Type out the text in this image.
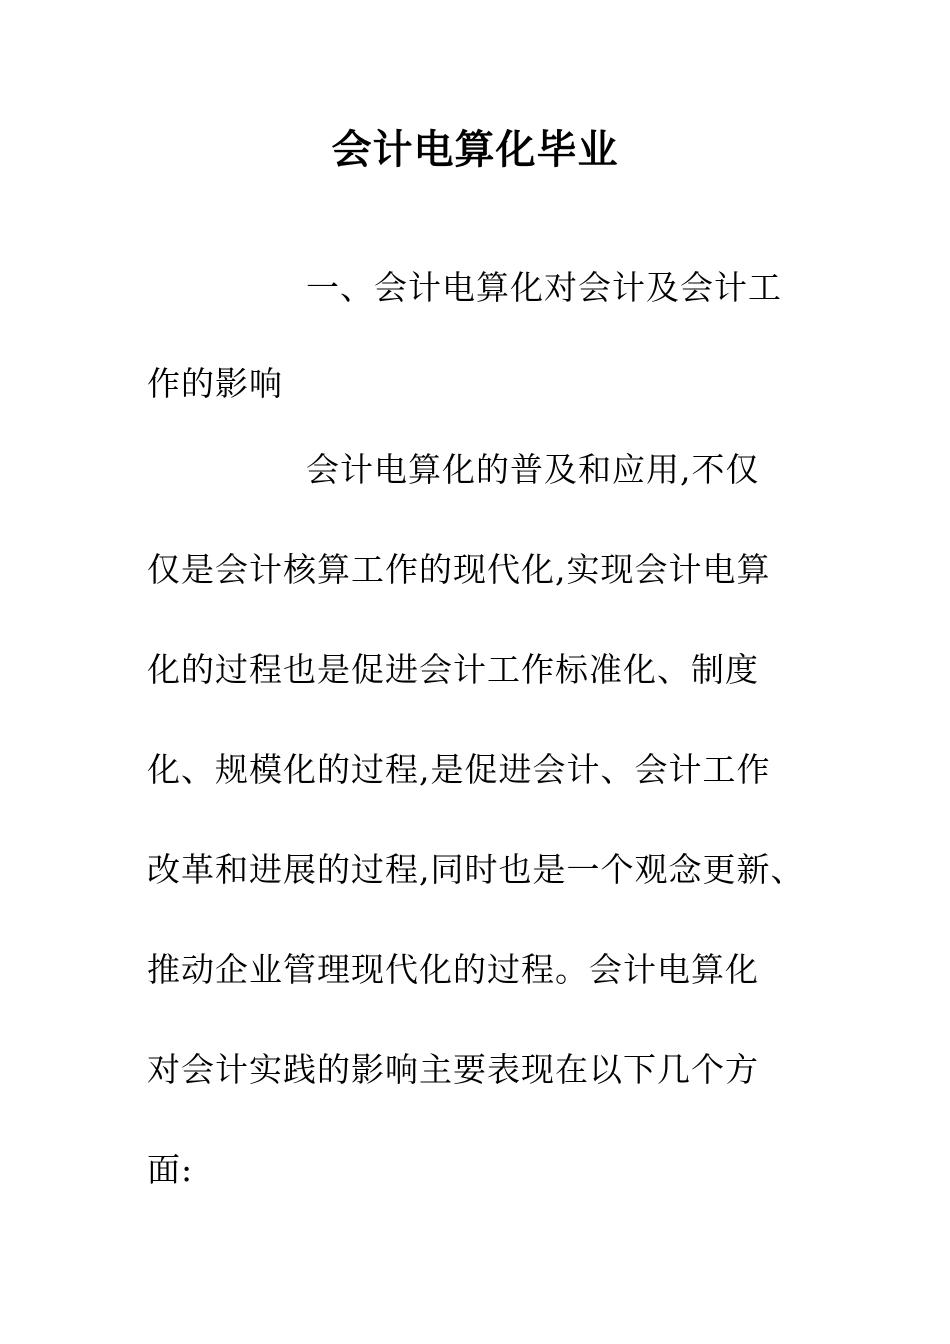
会计电算化毕业
一、会计电算化对会计及会计工
作的影响
会计电算化的普及和应用,不仅
仅是会计核算工作的现代化,实现会计电算
化的过程也是促进会计工作标准化、制度
化、规模化的过程,是促进会计、会计工作
改革和进展的过程,同时也是一个观念更新、
推动企业管理现代化的过程。会计电算化
对会计实践的影响主要表现在以下几个方
面:
